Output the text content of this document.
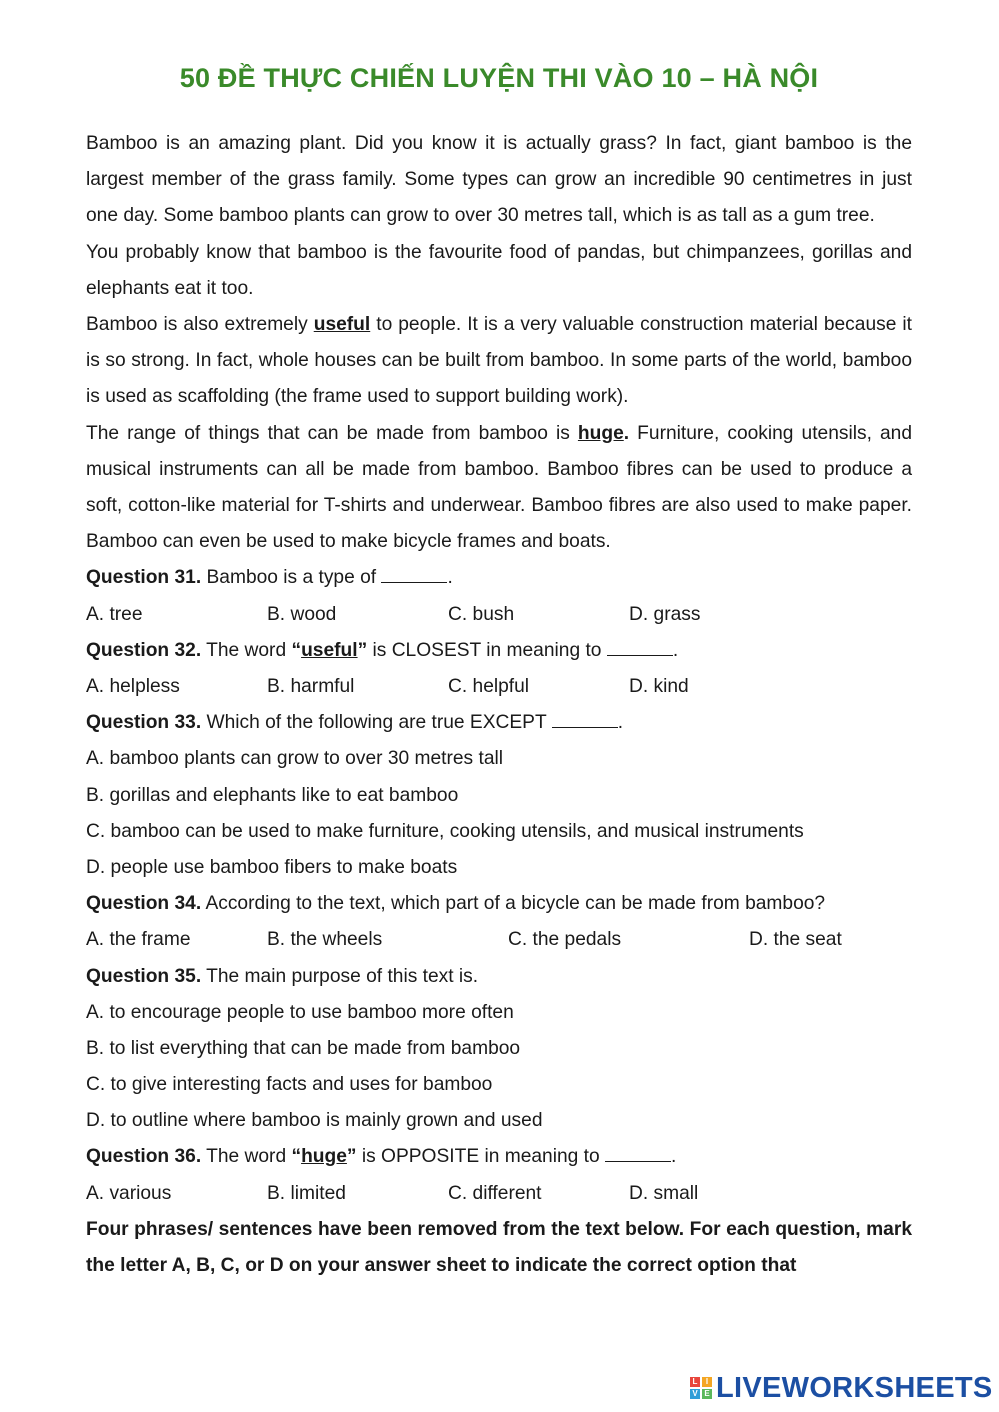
50 ĐỀ THỰC CHIẾN LUYỆN THI VÀO 10 – HÀ NỘI
Bamboo is an amazing plant. Did you know it is actually grass? In fact, giant bamboo is the largest member of the grass family. Some types can grow an incredible 90 centimetres in just one day. Some bamboo plants can grow to over 30 metres tall, which is as tall as a gum tree.
You probably know that bamboo is the favourite food of pandas, but chimpanzees, gorillas and elephants eat it too.
Bamboo is also extremely useful to people. It is a very valuable construction material because it is so strong. In fact, whole houses can be built from bamboo. In some parts of the world, bamboo is used as scaffolding (the frame used to support building work).
The range of things that can be made from bamboo is huge. Furniture, cooking utensils, and musical instruments can all be made from bamboo. Bamboo fibres can be used to produce a soft, cotton-like material for T-shirts and underwear. Bamboo fibres are also used to make paper. Bamboo can even be used to make bicycle frames and boats.
Question 31. Bamboo is a type of	.
A. tree	B. wood	C. bush	D. grass
Question 32. The word “useful” is CLOSEST in meaning to	.
A. helpless	B. harmful	C. helpful	D. kind
Question 33. Which of the following are true EXCEPT	.
A. bamboo plants can grow to over 30 metres tall
B. gorillas and elephants like to eat bamboo
C. bamboo can be used to make furniture, cooking utensils, and musical instruments
D. people use bamboo fibers to make boats
Question 34. According to the text, which part of a bicycle can be made from bamboo?
A. the frame	B. the wheels	C. the pedals	D. the seat
Question 35. The main purpose of this text is.
A. to encourage people to use bamboo more often
B. to list everything that can be made from bamboo
C. to give interesting facts and uses for bamboo
D. to outline where bamboo is mainly grown and used
Question 36. The word “huge” is OPPOSITE in meaning to	.
A. various	B. limited	C. different	D. small
Four phrases/ sentences have been removed from the text below. For each question, mark the letter A, B, C, or D on your answer sheet to indicate the correct option that
L	I
V E LIVEWORKSHEETS
